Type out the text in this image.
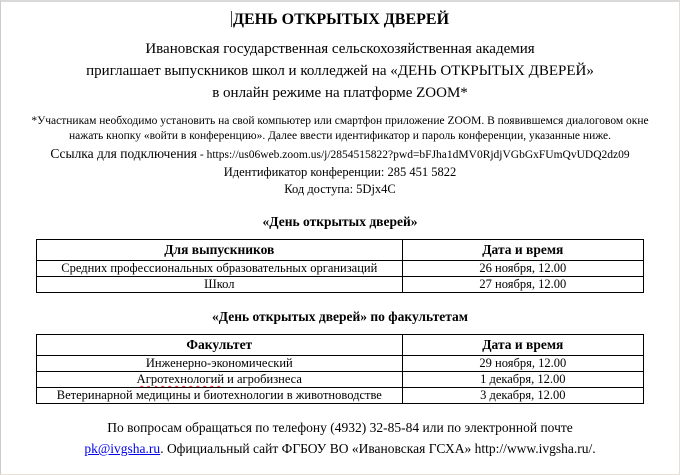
ДЕНЬ ОТКРЫТЫХ ДВЕРЕЙ
Ивановская государственная сельскохозяйственная академия
приглашает выпускников школ и колледжей на «ДЕНЬ ОТКРЫТЫХ ДВЕРЕЙ»
в онлайн режиме на платформе ZOOM*
*Участникам необходимо установить на свой компьютер или смартфон приложение ZOOM. В появившемся диалоговом окне нажать кнопку «войти в конференцию». Далее ввести идентификатор и пароль конференции, указанные ниже.
Ссылка для подключения - https://us06web.zoom.us/j/2854515822?pwd=bFJha1dMV0RjdjVGbGxFUmQvUDQ2dz09
Идентификатор конференции: 285 451 5822
Код доступа: 5Djx4C
«День открытых дверей»
Для выпускников	Дата и время
Средних профессиональных образовательных организаций	26 ноября, 12.00
Школ	27 ноября, 12.00
«День открытых дверей» по факультетам
Факультет	Дата и время
Инженерно-экономический	29 ноября, 12.00
Агротехнологий и агробизнеса	1 декабря, 12.00
Ветеринарной медицины и биотехнологии в животноводстве	3 декабря, 12.00
По вопросам обращаться по телефону (4932) 32-85-84 или по электронной почте
pk@ivgsha.ru. Официальный сайт ФГБОУ ВО «Ивановская ГСХА» http://www.ivgsha.ru/.
